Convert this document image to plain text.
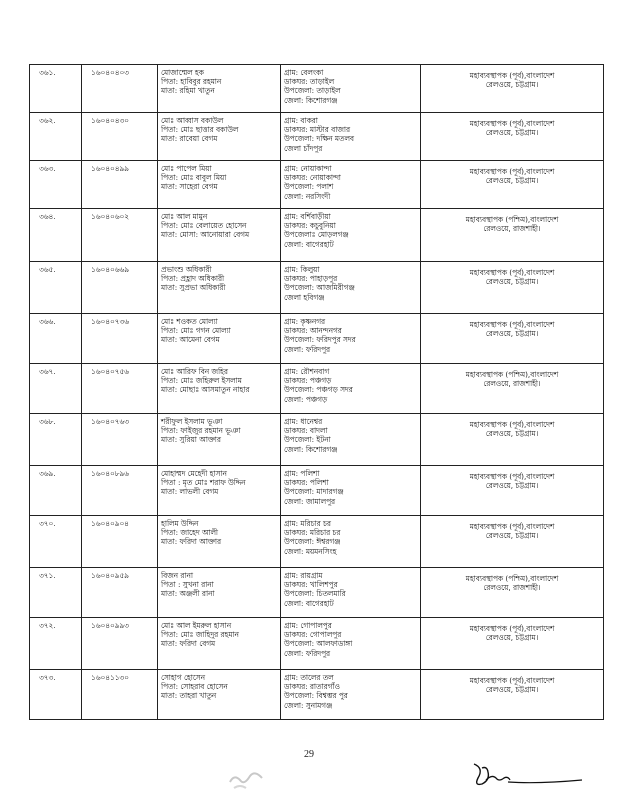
৩৬১.	১৬০৪০৪০৩	মোজাম্মেল হক
পিতা: হাবিবুর রহমান
মাতা: রহিমা খাতুন	গ্রাম: বেলংকা
ডাকঘর: তাড়াইল
উপজেলা: তাড়াইল
জেলা: কিশোরগঞ্জ	মহাব্যবস্থাপক (পূর্ব),বাংলাদেশ
রেলওয়ে, চট্টগ্রাম।

৩৬২.	১৬০৪০৪৩০	মোঃ আব্বাস বকাউল
পিতা: মোঃ ছাত্তার বকাউল
মাতা: রাবেয়া বেগম	গ্রাম: বাকরা
ডাকঘর: মাস্টার বাজার
উপজেলা: দক্ষিন মতলব
জেলা চাঁদপুর	মহাব্যবস্থাপক (পূর্ব),বাংলাদেশ
রেলওয়ে, চট্টগ্রাম।

৩৬৩.	১৬০৪০৪৯৯	মোঃ পাপেল মিয়া
পিতা: মোঃ বাবুল মিয়া
মাতা: সাহেরা বেগম	গ্রাম: নোয়াকান্দা
ডাকঘর: নোয়াকান্দা
উপজেলা: পলাশ
জেলা: নরসিংদী	মহাব্যবস্থাপক (পূর্ব),বাংলাদেশ
রেলওয়ে, চট্টগ্রাম।

৩৬৪.	১৬০৪০৬০২	মোঃ আল মামুন
পিতা: মোঃ বেলায়েত হোসেন
মাতা: মোসা: আনোয়ারা বেগম	গ্রাম: বর্শিবাড়ীয়া
ডাকঘর: কচুবুনিয়া
উপজেলাঃ মোড়লগঞ্জ
জেলা: বাগেরহাট	মহাব্যবস্থাপক (পশ্চিম),বাংলাদেশ
রেলওয়ে, রাজশাহী।

৩৬৫.	১৬০৪০৬৬৯	প্রভাংশু অধিকারী
পিতা: প্রহ্লাদ অধিকারী
মাতা: সুপ্রভা অধিকারী	গ্রাম: কিলুয়া
ডাকঘর: পাহাড়পুর
উপজেলা: আজমিরীগঞ্জ
জেলা হবিগঞ্জ	মহাব্যবস্থাপক (পূর্ব),বাংলাদেশ
রেলওয়ে, চট্টগ্রাম।

৩৬৬.	১৬০৪০৭৩৬	মোঃ শওকত মোল্যা
পিতা: মোঃ গগন মোল্যা
মাতা: আমেনা বেগম	গ্রাম: কৃষ্ণনগর
ডাকঘর: আনন্দনগর
উপজেলা: ফরিদপুর সদর
জেলা: ফরিদপুর	মহাব্যবস্থাপক (পূর্ব),বাংলাদেশ
রেলওয়ে, চট্টগ্রাম।

৩৬৭.	১৬০৪০৭৫৬	মোঃ আরিফ বিন জহির
পিতা: মোঃ জহিরুল ইসলাম
মাতা: মোছাঃ আসমাতুন নাহার	গ্রাম: রৌশনবাগ
ডাকঘর: পঞ্চগড়
উপজেলা: পঞ্চগড় সদর
জেলা: পঞ্চগড়	মহাব্যবস্থাপক (পশ্চিম),বাংলাদেশ
রেলওয়ে, রাজশাহী।

৩৬৮.	১৬০৪০৭৬৩	শরীফুল ইসলাম ভূঞা
পিতা: ফাইজুর রহমান ভূঞা
মাতা: সুরিয়া আক্তার	গ্রাম: ধানেশ্বর
ডাকঘর: বাদলা
উপজেলা: ইটনা
জেলা: কিশোরগঞ্জ	মহাব্যবস্থাপক (পূর্ব),বাংলাদেশ
রেলওয়ে, চট্টগ্রাম।

৩৬৯.	১৬০৪০৮৯৬	মোহাম্মদ মেহেদী হাসান
পিতা : মৃত মোঃ শরাফ উদ্দিন
মাতা: লাভলী বেগম	গ্রাম: পলিশা
ডাকঘর: পলিশা
উপজেলা: মাদারগঞ্জ
জেলা: জামালপুর	মহাব্যবস্থাপক (পূর্ব),বাংলাদেশ
রেলওয়ে, চট্টগ্রাম।

৩৭০.	১৬০৪০৯০৪	হালিম উদ্দিন
পিতা: জাহেদ আলী
মাতা: ফরিদা আক্তার	গ্রাম: মরিচার চর
ডাকঘর: মরিচার চর
উপজেলা: ঈশ্বরগঞ্জ
জেলা: ময়মনসিংহ	মহাব্যবস্থাপক (পূর্ব),বাংলাদেশ
রেলওয়ে, চট্টগ্রাম।

৩৭১.	১৬০৪০৯৫৯	বিজন রানা
পিতা : সুখনা রানা
মাতা: অঞ্জলী রানা	গ্রাম: রায়গ্রাম
ডাকঘর: খালিশপুর
উপজেলা: চিতলমারি
জেলা: বাগেরহাট	মহাব্যবস্থাপক (পশ্চিম),বাংলাদেশ
রেলওয়ে, রাজশাহী।

৩৭২.	১৬০৪০৯৯৩	মোঃ আল ইমরুল হাসান
পিতা: মোঃ জাহিদুর রহমান
মাতা: ফরিদা বেগম	গ্রাম: গোপালপুর
ডাকঘর: গোপালপুর
উপজেলা: আলফাডাঙ্গা
জেলা: ফরিদপুর	মহাব্যবস্থাপক (পূর্ব),বাংলাদেশ
রেলওয়ে, চট্টগ্রাম।

৩৭৩.	১৬০৪১১৩০	সোহাগ হোসেন
পিতা: সোহরাব হোসেন
মাতা: তাহরা খাতুন	গ্রাম: তালের তল
ডাকঘর: রাতারগাঁও
উপজেলা: বিশ্বম্ভর পুর
জেলা: সুনামগঞ্জ	মহাব্যবস্থাপক (পূর্ব),বাংলাদেশ
রেলওয়ে, চট্টগ্রাম।
29
